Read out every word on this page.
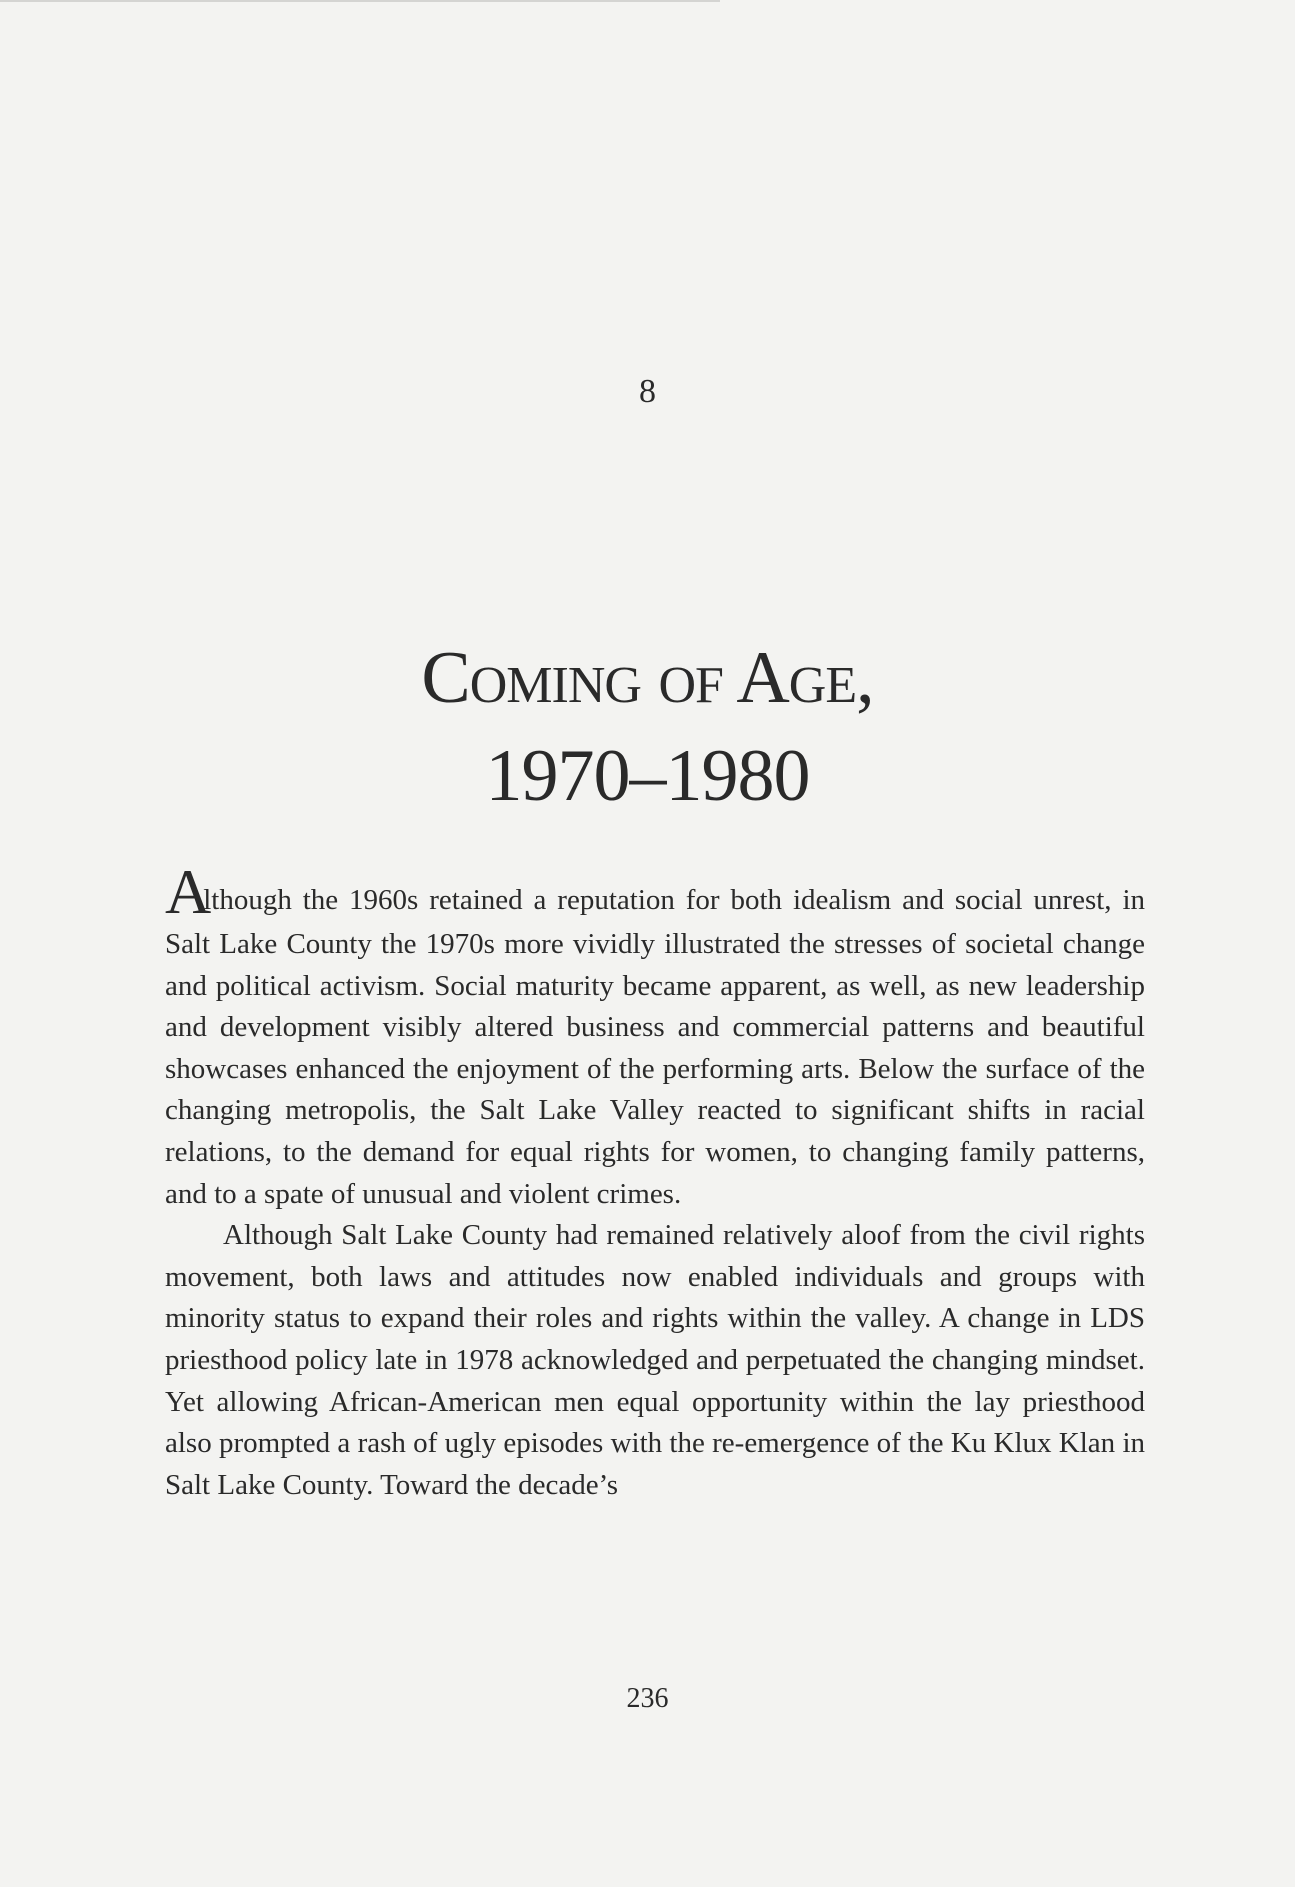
8
Coming of Age,
1970–1980

Although the 1960s retained a reputation for both idealism and social unrest, in Salt Lake County the 1970s more vividly illustrated the stresses of societal change and political activism. Social maturity became apparent, as well, as new leadership and development visibly altered business and commercial patterns and beautiful showcases enhanced the enjoyment of the performing arts. Below the surface of the changing metropolis, the Salt Lake Valley reacted to significant shifts in racial relations, to the demand for equal rights for women, to changing family patterns, and to a spate of unusual and violent crimes.

Although Salt Lake County had remained relatively aloof from the civil rights movement, both laws and attitudes now enabled individuals and groups with minority status to expand their roles and rights within the valley. A change in LDS priesthood policy late in 1978 acknowledged and perpetuated the changing mindset. Yet allowing African-American men equal opportunity within the lay priesthood also prompted a rash of ugly episodes with the re-emergence of the Ku Klux Klan in Salt Lake County. Toward the decade’s

236
